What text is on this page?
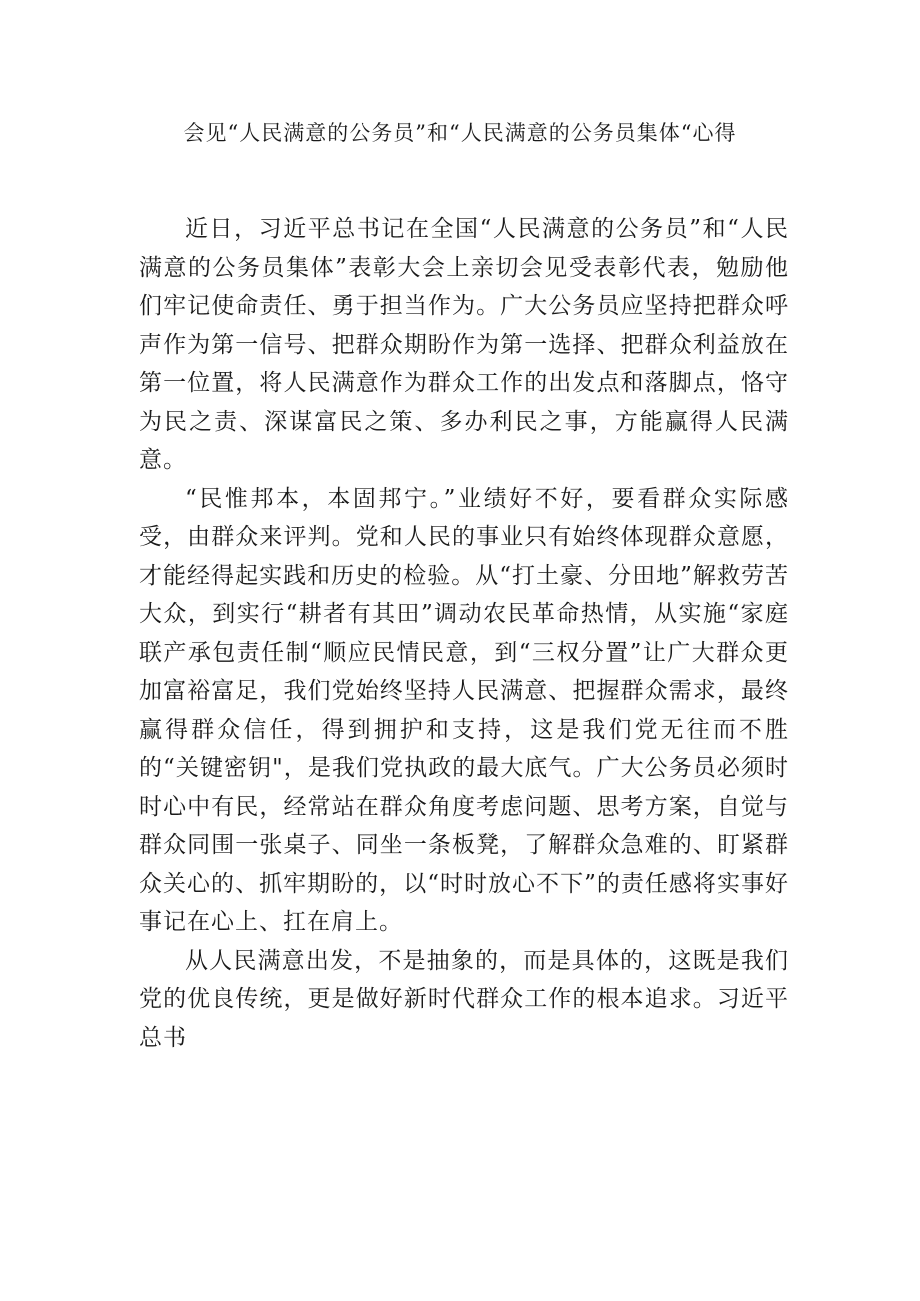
会见“人民满意的公务员”和“人民满意的公务员集体“心得

近日，习近平总书记在全国“人民满意的公务员”和“人民满意的公务员集体”表彰大会上亲切会见受表彰代表，勉励他们牢记使命责任、勇于担当作为。广大公务员应坚持把群众呼声作为第一信号、把群众期盼作为第一选择、把群众利益放在第一位置，将人民满意作为群众工作的出发点和落脚点，恪守为民之责、深谋富民之策、多办利民之事，方能赢得人民满意。

“民惟邦本，本固邦宁。”业绩好不好，要看群众实际感受，由群众来评判。党和人民的事业只有始终体现群众意愿，才能经得起实践和历史的检验。从“打土豪、分田地”解救劳苦大众，到实行“耕者有其田”调动农民革命热情，从实施“家庭联产承包责任制“顺应民情民意，到“三权分置”让广大群众更加富裕富足，我们党始终坚持人民满意、把握群众需求，最终赢得群众信任，得到拥护和支持，这是我们党无往而不胜的“关键密钥"，是我们党执政的最大底气。广大公务员必须时时心中有民，经常站在群众角度考虑问题、思考方案，自觉与群众同围一张桌子、同坐一条板凳，了解群众急难的、盯紧群众关心的、抓牢期盼的，以“时时放心不下”的责任感将实事好事记在心上、扛在肩上。

从人民满意出发，不是抽象的，而是具体的，这既是我们党的优良传统，更是做好新时代群众工作的根本追求。习近平总书
